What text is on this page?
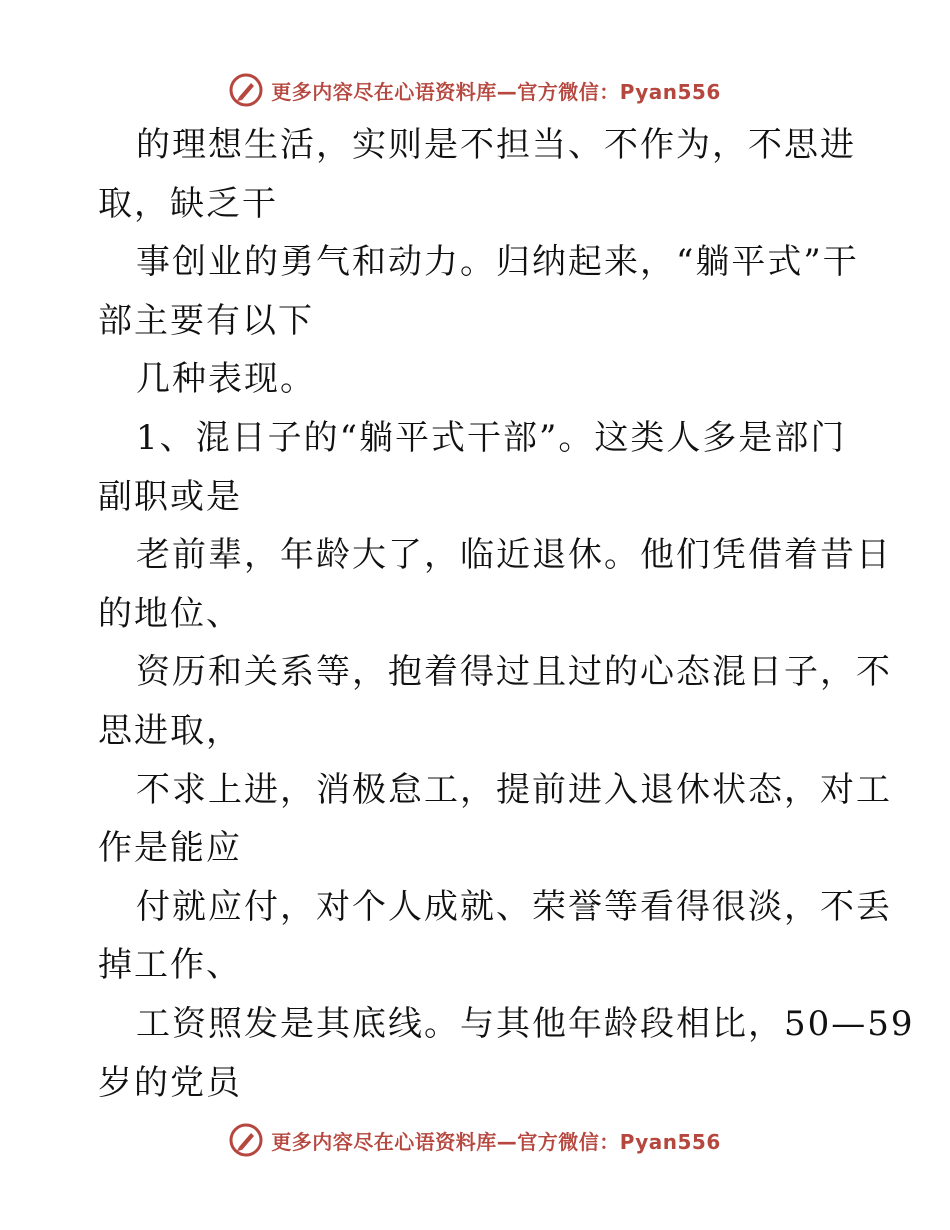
更多内容尽在心语资料库—官方微信：Pyan556
的理想生活，实则是不担当、不作为，不思进
取，缺乏干
事创业的勇气和动力。归纳起来，“躺平式”干
部主要有以下
几种表现。
1、混日子的“躺平式干部”。这类人多是部门
副职或是
老前辈，年龄大了，临近退休。他们凭借着昔日
的地位、
资历和关系等，抱着得过且过的心态混日子，不
思进取，
不求上进，消极怠工，提前进入退休状态，对工
作是能应
付就应付，对个人成就、荣誉等看得很淡，不丢
掉工作、
工资照发是其底线。与其他年龄段相比，50—59
岁的党员
更多内容尽在心语资料库—官方微信：Pyan556
